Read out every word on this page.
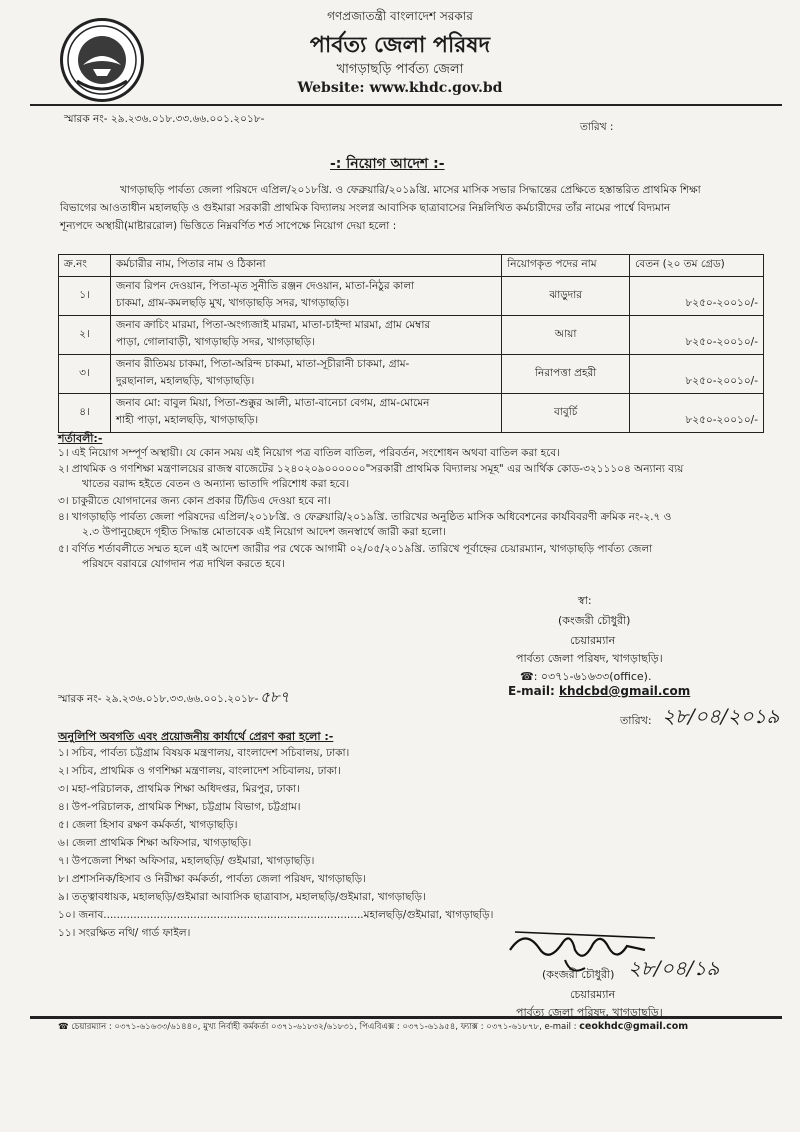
গণপ্রজাতন্ত্রী বাংলাদেশ সরকার
পার্বত্য জেলা পরিষদ
খাগড়াছড়ি পার্বত্য জেলা
Website: www.khdc.gov.bd
স্মারক নং- ২৯.২৩৬.০১৮.৩৩.৬৬.০০১.২০১৮-
তারিখ :
-: নিয়োগ আদেশ :-
খাগড়াছড়ি পার্বত্য জেলা পরিষদে এপ্রিল/২০১৮খ্রি. ও ফেব্রুয়ারি/২০১৯খ্রি. মাসের মাসিক সভার সিদ্ধান্তের প্রেক্ষিতে হস্তান্তরিত প্রাথমিক শিক্ষা
বিভাগের আওতাধীন মহালছড়ি ও গুইমারা সরকারী প্রাথমিক বিদ্যালয় সংলগ্ন আবাসিক ছাত্রাবাসের নিম্নলিখিত কর্মচারীদের তাঁর নামের পার্শ্বে বিদ্যমান
শূন্যপদে অস্থায়ী(মাষ্টাররোল) ভিত্তিতে নিম্নবর্ণিত শর্ত সাপেক্ষে নিয়োগ দেয়া হলো :
ক্র.নং	কর্মচারীর নাম, পিতার নাম ও ঠিকানা	নিয়োগকৃত পদের নাম	বেতন (২০ তম গ্রেড)
১।	জনাব রিপন দেওয়ান, পিতা-মৃত সুনীতি রঞ্জন দেওয়ান, মাতা-নিঠুর কালা
চাকমা, গ্রাম-কমলছড়ি মুখ, খাগড়াছড়ি সদর, খাগড়াছড়ি।	ঝাড়ুদার	৮২৫০-২০০১০/-
২।	জনাব ক্রাচিং মারমা, পিতা-অংগ্যজাই মারমা, মাতা-চাইন্দা মারমা, গ্রাম মেম্বার
পাড়া, গোলাবাড়ী, খাগড়াছড়ি সদর, খাগড়াছড়ি।	আয়া	৮২৫০-২০০১০/-
৩।	জনাব রীতিময় চাকমা, পিতা-অরিন্দ চাকমা, মাতা-সূচীরানী চাকমা, গ্রাম-
দুরছানাল, মহালছড়ি, খাগড়াছড়ি।	নিরাপত্তা প্রহরী	৮২৫০-২০০১০/-
৪।	জনাব মো: বাবুল মিয়া, পিতা-শুক্কুর আলী, মাতা-বানেচা বেগম, গ্রাম-মোমেন
শাহী পাড়া, মহালছড়ি, খাগড়াছড়ি।	বাবুর্চি	৮২৫০-২০০১০/-
শর্তাবলী:-
১। এই নিয়োগ সম্পূর্ণ অস্থায়ী। যে কোন সময় এই নিয়োগ পত্র বাতিল বাতিল, পরিবর্তন, সংশোধন অথবা বাতিল করা হবে।
২। প্রাথমিক ও গণশিক্ষা মন্ত্রণালয়ের রাজস্ব বাজেটের ১২৪০২০৯০০০০০০"সরকারী প্রাথমিক বিদ্যালয় সমূহ" এর আর্থিক কোড-৩২১১১০৪ অন্যান্য ব্যয়
খাতের বরাদ্দ হইতে বেতন ও অন্যান্য ভাতাদি পরিশোধ করা হবে।
৩। চাকুরীতে যোগদানের জন্য কোন প্রকার টি/ডিএ দেওয়া হবে না।
৪। খাগড়াছড়ি পার্বত্য জেলা পরিষদের এপ্রিল/২০১৮খ্রি. ও ফেব্রুয়ারি/২০১৯খ্রি. তারিখের অনুষ্ঠিত মাসিক অধিবেশনের কার্যবিবরণী ক্রমিক নং-২.৭ ও
২.৩ উপানুচ্ছেদে গৃহীত সিদ্ধান্ত মোতাবেক এই নিয়োগ আদেশ জনস্বার্থে জারী করা হলো।
৫। বর্ণিত শর্তাবলীতে সম্মত হলে এই আদেশ জারীর পর থেকে আগামী ০২/০৫/২০১৯খ্রি. তারিখে পূর্বাহ্নের চেয়ারম্যান, খাগড়াছড়ি পার্বত্য জেলা
পরিষদে বরাবরে যোগদান পত্র দাখিল করতে হবে।
স্বা:
(কংজরী চৌধুরী)
চেয়ারম্যান
পার্বত্য জেলা পরিষদ, খাগড়াছড়ি।
☎: ০৩৭১-৬১৬৩৩(office).
E-mail: khdcbd@gmail.com
তারিখ: ২৮/০৪/২০১৯
স্মারক নং- ২৯.২৩৬.০১৮.৩৩.৬৬.০০১.২০১৮- ৫৮৭
অনুলিপি অবগতি এবং প্রয়োজনীয় কার্যার্থে প্রেরণ করা হলো :-
১। সচিব, পার্বত্য চট্টগ্রাম বিষয়ক মন্ত্রণালয়, বাংলাদেশ সচিবালয়, ঢাকা।
২। সচিব, প্রাথমিক ও গণশিক্ষা মন্ত্রণালয়, বাংলাদেশ সচিবালয়, ঢাকা।
৩। মহা-পরিচালক, প্রাথমিক শিক্ষা অধিদপ্তর, মিরপুর, ঢাকা।
৪। উপ-পরিচালক, প্রাথমিক শিক্ষা, চট্টগ্রাম বিভাগ, চট্টগ্রাম।
৫। জেলা হিসাব রক্ষণ কর্মকর্তা, খাগড়াছড়ি।
৬। জেলা প্রাথমিক শিক্ষা অফিসার, খাগড়াছড়ি।
৭। উপজেলা শিক্ষা অফিসার, মহালছড়ি/ গুইমারা, খাগড়াছড়ি।
৮। প্রশাসনিক/হিসাব ও নিরীক্ষা কর্মকর্তা, পার্বত্য জেলা পরিষদ, খাগড়াছড়ি।
৯। তত্ত্বাবধায়ক, মহালছড়ি/গুইমারা আবাসিক ছাত্রাবাস, মহালছড়ি/গুইমারা, খাগড়াছড়ি।
১০। জনাব..............................................................................মহালছড়ি/গুইমারা, খাগড়াছড়ি।
১১। সংরক্ষিত নথি/ গার্ড ফাইল।
(কংজরী চৌধুরী) ২৮/০৪/১৯
চেয়ারম্যান
পার্বত্য জেলা পরিষদ, খাগড়াছড়ি।
☎ চেয়ারম্যান : ০৩৭১-৬১৬৩৩/৬১৪৪০, মুখ্য নির্বাহী কর্মকর্তা ০৩৭১-৬১৮৩২/৬১৮৩১, পিএবিএক্স : ০৩৭১-৬১৯৫৪, ফ্যাক্স : ০৩৭১-৬১৮৭৮, e-mail : ceokhdc@gmail.com
